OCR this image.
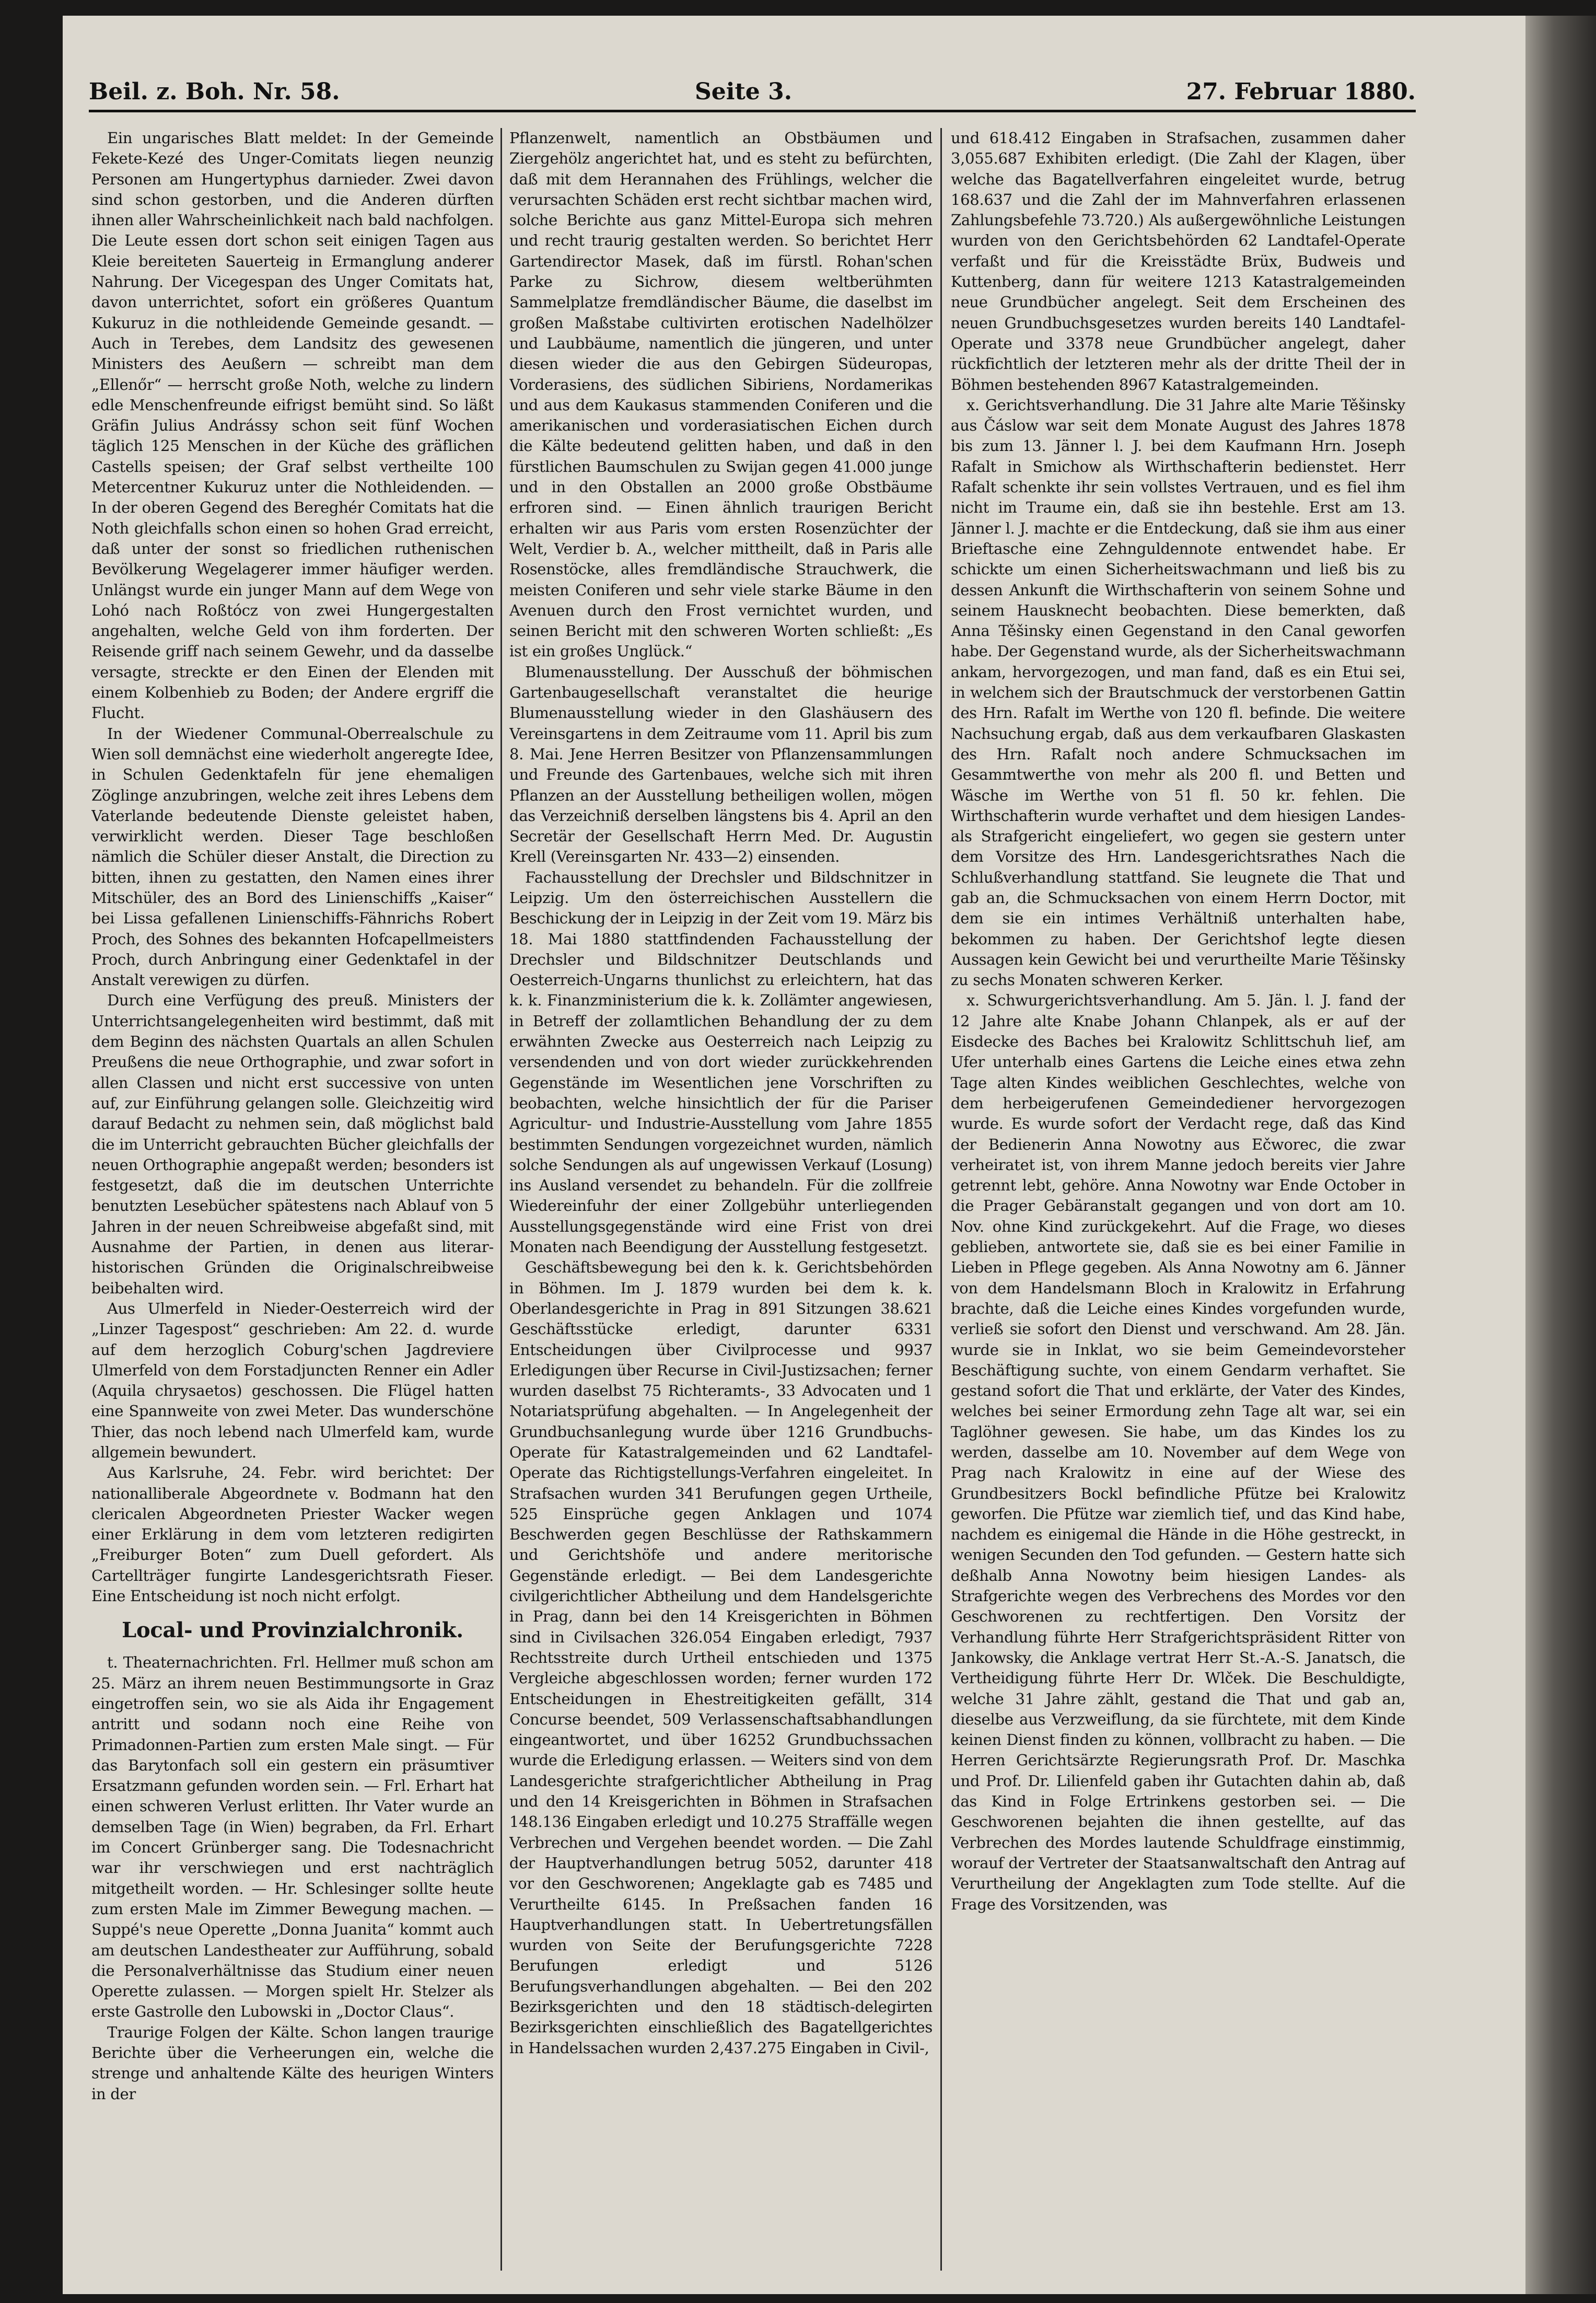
Beil. z. Boh. Nr. 58.	Seite 3.	27. Februar 1880.

Ein ungarisches Blatt meldet: In der Gemeinde Fekete-Kezé des Unger-Comitats liegen neunzig Personen am Hungertyphus darnieder. Zwei davon sind schon gestorben, und die Anderen dürften ihnen aller Wahrscheinlichkeit nach bald nachfolgen. Die Leute essen dort schon seit einigen Tagen aus Kleie bereiteten Sauerteig in Ermanglung anderer Nahrung. Der Vicegespan des Unger Comitats hat, davon unterrichtet, sofort ein größeres Quantum Kukuruz in die nothleidende Gemeinde gesandt. — Auch in Terebes, dem Landsitz des gewesenen Ministers des Aeußern — schreibt man dem „Ellenőr“ — herrscht große Noth, welche zu lindern edle Menschenfreunde eifrigst bemüht sind. So läßt Gräfin Julius Andrássy schon seit fünf Wochen täglich 125 Menschen in der Küche des gräflichen Castells speisen; der Graf selbst vertheilte 100 Metercentner Kukuruz unter die Nothleidenden. — In der oberen Gegend des Bereghér Comitats hat die Noth gleichfalls schon einen so hohen Grad erreicht, daß unter der sonst so friedlichen ruthenischen Bevölkerung Wegelagerer immer häufiger werden. Unlängst wurde ein junger Mann auf dem Wege von Lohó nach Roßtócz von zwei Hungergestalten angehalten, welche Geld von ihm forderten. Der Reisende griff nach seinem Gewehr, und da dasselbe versagte, streckte er den Einen der Elenden mit einem Kolbenhieb zu Boden; der Andere ergriff die Flucht.

In der Wiedener Communal-Oberrealschule zu Wien soll demnächst eine wiederholt angeregte Idee, in Schulen Gedenktafeln für jene ehemaligen Zöglinge anzubringen, welche zeit ihres Lebens dem Vaterlande bedeutende Dienste geleistet haben, verwirklicht werden. Dieser Tage beschloßen nämlich die Schüler dieser Anstalt, die Direction zu bitten, ihnen zu gestatten, den Namen eines ihrer Mitschüler, des an Bord des Linienschiffs „Kaiser“ bei Lissa gefallenen Linienschiffs-Fähnrichs Robert Proch, des Sohnes des bekannten Hofcapellmeisters Proch, durch Anbringung einer Gedenktafel in der Anstalt verewigen zu dürfen.

Durch eine Verfügung des preuß. Ministers der Unterrichtsangelegenheiten wird bestimmt, daß mit dem Beginn des nächsten Quartals an allen Schulen Preußens die neue Orthographie, und zwar sofort in allen Classen und nicht erst successive von unten auf, zur Einführung gelangen solle. Gleichzeitig wird darauf Bedacht zu nehmen sein, daß möglichst bald die im Unterricht gebrauchten Bücher gleichfalls der neuen Orthographie angepaßt werden; besonders ist festgesetzt, daß die im deutschen Unterrichte benutzten Lesebücher spätestens nach Ablauf von 5 Jahren in der neuen Schreibweise abgefaßt sind, mit Ausnahme der Partien, in denen aus literar-historischen Gründen die Originalschreibweise beibehalten wird.

Aus Ulmerfeld in Nieder-Oesterreich wird der „Linzer Tagespost“ geschrieben: Am 22. d. wurde auf dem herzoglich Coburg'schen Jagdreviere Ulmerfeld von dem Forstadjuncten Renner ein Adler (Aquila chrysaetos) geschossen. Die Flügel hatten eine Spannweite von zwei Meter. Das wunderschöne Thier, das noch lebend nach Ulmerfeld kam, wurde allgemein bewundert.

Aus Karlsruhe, 24. Febr. wird berichtet: Der nationalliberale Abgeordnete v. Bodmann hat den clericalen Abgeordneten Priester Wacker wegen einer Erklärung in dem vom letzteren redigirten „Freiburger Boten“ zum Duell gefordert. Als Cartellträger fungirte Landesgerichtsrath Fieser. Eine Entscheidung ist noch nicht erfolgt.

Local- und Provinzialchronik.

t. Theaternachrichten. Frl. Hellmer muß schon am 25. März an ihrem neuen Bestimmungsorte in Graz eingetroffen sein, wo sie als Aida ihr Engagement antritt und sodann noch eine Reihe von Primadonnen-Partien zum ersten Male singt. — Für das Barytonfach soll ein gestern ein präsumtiver Ersatzmann gefunden worden sein. — Frl. Erhart hat einen schweren Verlust erlitten. Ihr Vater wurde an demselben Tage (in Wien) begraben, da Frl. Erhart im Concert Grünberger sang. Die Todesnachricht war ihr verschwiegen und erst nachträglich mitgetheilt worden. — Hr. Schlesinger sollte heute zum ersten Male im Zimmer Bewegung machen. — Suppé's neue Operette „Donna Juanita“ kommt auch am deutschen Landestheater zur Aufführung, sobald die Personalverhältnisse das Studium einer neuen Operette zulassen. — Morgen spielt Hr. Stelzer als erste Gastrolle den Lubowski in „Doctor Claus“.

Traurige Folgen der Kälte. Schon langen traurige Berichte über die Verheerungen ein, welche die strenge und anhaltende Kälte des heurigen Winters in der

Pflanzenwelt, namentlich an Obstbäumen und Ziergehölz angerichtet hat, und es steht zu befürchten, daß mit dem Herannahen des Frühlings, welcher die verursachten Schäden erst recht sichtbar machen wird, solche Berichte aus ganz Mittel-Europa sich mehren und recht traurig gestalten werden. So berichtet Herr Gartendirector Masek, daß im fürstl. Rohan'schen Parke zu Sichrow, diesem weltberühmten Sammelplatze fremdländischer Bäume, die daselbst im großen Maßstabe cultivirten erotischen Nadelhölzer und Laubbäume, namentlich die jüngeren, und unter diesen wieder die aus den Gebirgen Südeuropas, Vorderasiens, des südlichen Sibiriens, Nordamerikas und aus dem Kaukasus stammenden Coniferen und die amerikanischen und vorderasiatischen Eichen durch die Kälte bedeutend gelitten haben, und daß in den fürstlichen Baumschulen zu Swijan gegen 41.000 junge und in den Obstallen an 2000 große Obstbäume erfroren sind. — Einen ähnlich traurigen Bericht erhalten wir aus Paris vom ersten Rosenzüchter der Welt, Verdier b. A., welcher mittheilt, daß in Paris alle Rosenstöcke, alles fremdländische Strauchwerk, die meisten Coniferen und sehr viele starke Bäume in den Avenuen durch den Frost vernichtet wurden, und seinen Bericht mit den schweren Worten schließt: „Es ist ein großes Unglück.“

Blumenausstellung. Der Ausschuß der böhmischen Gartenbaugesellschaft veranstaltet die heurige Blumenausstellung wieder in den Glashäusern des Vereinsgartens in dem Zeitraume vom 11. April bis zum 8. Mai. Jene Herren Besitzer von Pflanzensammlungen und Freunde des Gartenbaues, welche sich mit ihren Pflanzen an der Ausstellung betheiligen wollen, mögen das Verzeichniß derselben längstens bis 4. April an den Secretär der Gesellschaft Herrn Med. Dr. Augustin Krell (Vereinsgarten Nr. 433—2) einsenden.

Fachausstellung der Drechsler und Bildschnitzer in Leipzig. Um den österreichischen Ausstellern die Beschickung der in Leipzig in der Zeit vom 19. März bis 18. Mai 1880 stattfindenden Fachausstellung der Drechsler und Bildschnitzer Deutschlands und Oesterreich-Ungarns thunlichst zu erleichtern, hat das k. k. Finanzministerium die k. k. Zollämter angewiesen, in Betreff der zollamtlichen Behandlung der zu dem erwähnten Zwecke aus Oesterreich nach Leipzig zu versendenden und von dort wieder zurückkehrenden Gegenstände im Wesentlichen jene Vorschriften zu beobachten, welche hinsichtlich der für die Pariser Agricultur- und Industrie-Ausstellung vom Jahre 1855 bestimmten Sendungen vorgezeichnet wurden, nämlich solche Sendungen als auf ungewissen Verkauf (Losung) ins Ausland versendet zu behandeln. Für die zollfreie Wiedereinfuhr der einer Zollgebühr unterliegenden Ausstellungsgegenstände wird eine Frist von drei Monaten nach Beendigung der Ausstellung festgesetzt.

Geschäftsbewegung bei den k. k. Gerichtsbehörden in Böhmen. Im J. 1879 wurden bei dem k. k. Oberlandesgerichte in Prag in 891 Sitzungen 38.621 Geschäftsstücke erledigt, darunter 6331 Entscheidungen über Civilprocesse und 9937 Erledigungen über Recurse in Civil-Justizsachen; ferner wurden daselbst 75 Richteramts-, 33 Advocaten und 1 Notariatsprüfung abgehalten. — In Angelegenheit der Grundbuchsanlegung wurde über 1216 Grundbuchs-Operate für Katastralgemeinden und 62 Landtafel-Operate das Richtigstellungs-Verfahren eingeleitet. In Strafsachen wurden 341 Berufungen gegen Urtheile, 525 Einsprüche gegen Anklagen und 1074 Beschwerden gegen Beschlüsse der Rathskammern und Gerichtshöfe und andere meritorische Gegenstände erledigt. — Bei dem Landesgerichte civilgerichtlicher Abtheilung und dem Handelsgerichte in Prag, dann bei den 14 Kreisgerichten in Böhmen sind in Civilsachen 326.054 Eingaben erledigt, 7937 Rechtsstreite durch Urtheil entschieden und 1375 Vergleiche abgeschlossen worden; ferner wurden 172 Entscheidungen in Ehestreitigkeiten gefällt, 314 Concurse beendet, 509 Verlassenschaftsabhandlungen eingeantwortet, und über 16252 Grundbuchssachen wurde die Erledigung erlassen. — Weiters sind von dem Landesgerichte strafgerichtlicher Abtheilung in Prag und den 14 Kreisgerichten in Böhmen in Strafsachen 148.136 Eingaben erledigt und 10.275 Straffälle wegen Verbrechen und Vergehen beendet worden. — Die Zahl der Hauptverhandlungen betrug 5052, darunter 418 vor den Geschworenen; Angeklagte gab es 7485 und Verurtheilte 6145. In Preßsachen fanden 16 Hauptverhandlungen statt. In Uebertretungsfällen wurden von Seite der Berufungsgerichte 7228 Berufungen erledigt und 5126 Berufungsverhandlungen abgehalten. — Bei den 202 Bezirksgerichten und den 18 städtisch-delegirten Bezirksgerichten einschließlich des Bagatellgerichtes in Handelssachen wurden 2,437.275 Eingaben in Civil-,

und 618.412 Eingaben in Strafsachen, zusammen daher 3,055.687 Exhibiten erledigt. (Die Zahl der Klagen, über welche das Bagatellverfahren eingeleitet wurde, betrug 168.637 und die Zahl der im Mahnverfahren erlassenen Zahlungsbefehle 73.720.) Als außergewöhnliche Leistungen wurden von den Gerichtsbehörden 62 Landtafel-Operate verfaßt und für die Kreisstädte Brüx, Budweis und Kuttenberg, dann für weitere 1213 Katastralgemeinden neue Grundbücher angelegt. Seit dem Erscheinen des neuen Grundbuchsgesetzes wurden bereits 140 Landtafel-Operate und 3378 neue Grundbücher angelegt, daher rückfichtlich der letzteren mehr als der dritte Theil der in Böhmen bestehenden 8967 Katastralgemeinden.

x. Gerichtsverhandlung. Die 31 Jahre alte Marie Těšinsky aus Čáslow war seit dem Monate August des Jahres 1878 bis zum 13. Jänner l. J. bei dem Kaufmann Hrn. Joseph Rafalt in Smichow als Wirthschafterin bedienstet. Herr Rafalt schenkte ihr sein vollstes Vertrauen, und es fiel ihm nicht im Traume ein, daß sie ihn bestehle. Erst am 13. Jänner l. J. machte er die Entdeckung, daß sie ihm aus einer Brieftasche eine Zehnguldennote entwendet habe. Er schickte um einen Sicherheitswachmann und ließ bis zu dessen Ankunft die Wirthschafterin von seinem Sohne und seinem Hausknecht beobachten. Diese bemerkten, daß Anna Těšinsky einen Gegenstand in den Canal geworfen habe. Der Gegenstand wurde, als der Sicherheitswachmann ankam, hervorgezogen, und man fand, daß es ein Etui sei, in welchem sich der Brautschmuck der verstorbenen Gattin des Hrn. Rafalt im Werthe von 120 fl. befinde. Die weitere Nachsuchung ergab, daß aus dem verkaufbaren Glaskasten des Hrn. Rafalt noch andere Schmucksachen im Gesammtwerthe von mehr als 200 fl. und Betten und Wäsche im Werthe von 51 fl. 50 kr. fehlen. Die Wirthschafterin wurde verhaftet und dem hiesigen Landes- als Strafgericht eingeliefert, wo gegen sie gestern unter dem Vorsitze des Hrn. Landesgerichtsrathes Nach die Schlußverhandlung stattfand. Sie leugnete die That und gab an, die Schmucksachen von einem Herrn Doctor, mit dem sie ein intimes Verhältniß unterhalten habe, bekommen zu haben. Der Gerichtshof legte diesen Aussagen kein Gewicht bei und verurtheilte Marie Těšinsky zu sechs Monaten schweren Kerker.

x. Schwurgerichtsverhandlung. Am 5. Jän. l. J. fand der 12 Jahre alte Knabe Johann Chlanpek, als er auf der Eisdecke des Baches bei Kralowitz Schlittschuh lief, am Ufer unterhalb eines Gartens die Leiche eines etwa zehn Tage alten Kindes weiblichen Geschlechtes, welche von dem herbeigerufenen Gemeindediener hervorgezogen wurde. Es wurde sofort der Verdacht rege, daß das Kind der Bedienerin Anna Nowotny aus Ečworec, die zwar verheiratet ist, von ihrem Manne jedoch bereits vier Jahre getrennt lebt, gehöre. Anna Nowotny war Ende October in die Prager Gebäranstalt gegangen und von dort am 10. Nov. ohne Kind zurückgekehrt. Auf die Frage, wo dieses geblieben, antwortete sie, daß sie es bei einer Familie in Lieben in Pflege gegeben. Als Anna Nowotny am 6. Jänner von dem Handelsmann Bloch in Kralowitz in Erfahrung brachte, daß die Leiche eines Kindes vorgefunden wurde, verließ sie sofort den Dienst und verschwand. Am 28. Jän. wurde sie in Inklat, wo sie beim Gemeindevorsteher Beschäftigung suchte, von einem Gendarm verhaftet. Sie gestand sofort die That und erklärte, der Vater des Kindes, welches bei seiner Ermordung zehn Tage alt war, sei ein Taglöhner gewesen. Sie habe, um das Kindes los zu werden, dasselbe am 10. November auf dem Wege von Prag nach Kralowitz in eine auf der Wiese des Grundbesitzers Bockl befindliche Pfütze bei Kralowitz geworfen. Die Pfütze war ziemlich tief, und das Kind habe, nachdem es einigemal die Hände in die Höhe gestreckt, in wenigen Secunden den Tod gefunden. — Gestern hatte sich deßhalb Anna Nowotny beim hiesigen Landes- als Strafgerichte wegen des Verbrechens des Mordes vor den Geschworenen zu rechtfertigen. Den Vorsitz der Verhandlung führte Herr Strafgerichtspräsident Ritter von Jankowsky, die Anklage vertrat Herr St.-A.-S. Janatsch, die Vertheidigung führte Herr Dr. Wlček. Die Beschuldigte, welche 31 Jahre zählt, gestand die That und gab an, dieselbe aus Verzweiflung, da sie fürchtete, mit dem Kinde keinen Dienst finden zu können, vollbracht zu haben. — Die Herren Gerichtsärzte Regierungsrath Prof. Dr. Maschka und Prof. Dr. Lilienfeld gaben ihr Gutachten dahin ab, daß das Kind in Folge Ertrinkens gestorben sei. — Die Geschworenen bejahten die ihnen gestellte, auf das Verbrechen des Mordes lautende Schuldfrage einstimmig, worauf der Vertreter der Staatsanwaltschaft den Antrag auf Verurtheilung der Angeklagten zum Tode stellte. Auf die Frage des Vorsitzenden, was
